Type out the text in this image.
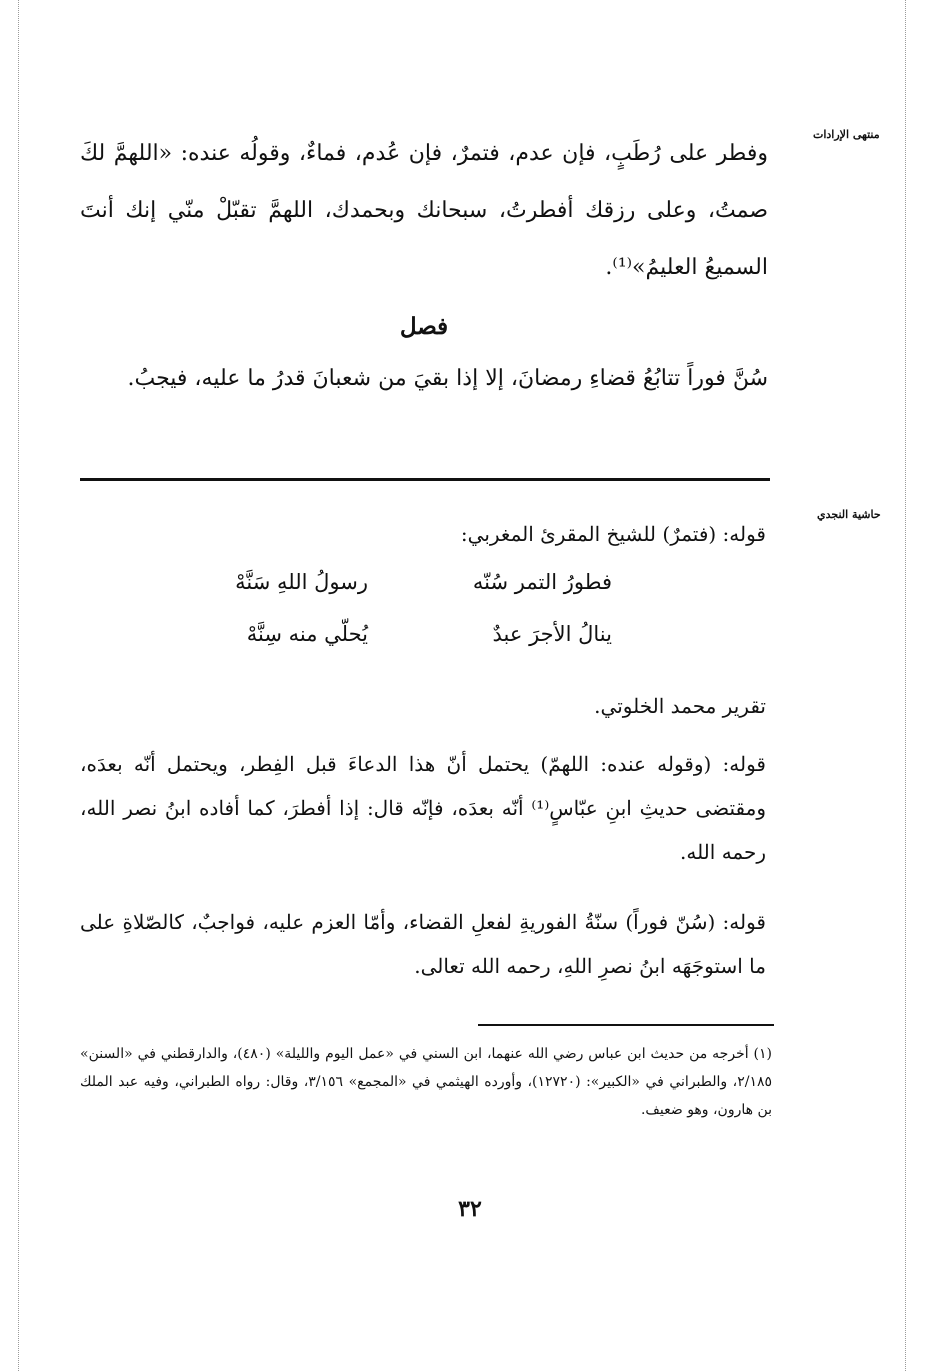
منتهى الإرادات
حاشية النجدي
وفطر على رُطَبٍ، فإن عدم، فتمرٌ، فإن عُدم، فماءٌ، وقولُه عنده: «اللهمَّ لكَ صمتُ، وعلى رزقك أفطرتُ، سبحانك وبحمدك، اللهمَّ تقبّلْ منّي إنك أنتَ السميعُ العليمُ»⁽¹⁾.
فصل
سُنَّ فوراً تتابُعُ قضاءِ رمضانَ، إلا إذا بقيَ من شعبانَ قدرُ ما عليه، فيجبُ.
قوله: (فتمرٌ) للشيخ المقرئ المغربي:
فطورُ التمر سُنّه
رسولُ اللهِ سَنَّهْ
ينالُ الأجرَ عبدٌ
يُحلّي منه سِنَّهْ
تقرير محمد الخلوتي.
قوله: (وقوله عنده: اللهمّ) يحتمل أنّ هذا الدعاءَ قبل الفِطر، ويحتمل أنّه بعدَه، ومقتضى حديثِ ابنِ عبّاسٍ⁽¹⁾ أنّه بعدَه، فإنّه قال: إذا أفطرَ، كما أفاده ابنُ نصر الله، رحمه الله.
قوله: (سُنّ فوراً) سنّةُ الفوريةِ لفعلِ القضاء، وأمّا العزم عليه، فواجبٌ، كالصّلاةِ على ما استوجَهَه ابنُ نصرِ اللهِ، رحمه الله تعالى.
(١) أخرجه من حديث ابن عباس رضي الله عنهما، ابن السني في «عمل اليوم والليلة» (٤٨٠)، والدارقطني في «السنن» ٢/١٨٥، والطبراني في «الكبير»: (١٢٧٢٠)، وأورده الهيثمي في «المجمع» ٣/١٥٦، وقال: رواه الطبراني، وفيه عبد الملك بن هارون، وهو ضعيف.
٣٢
